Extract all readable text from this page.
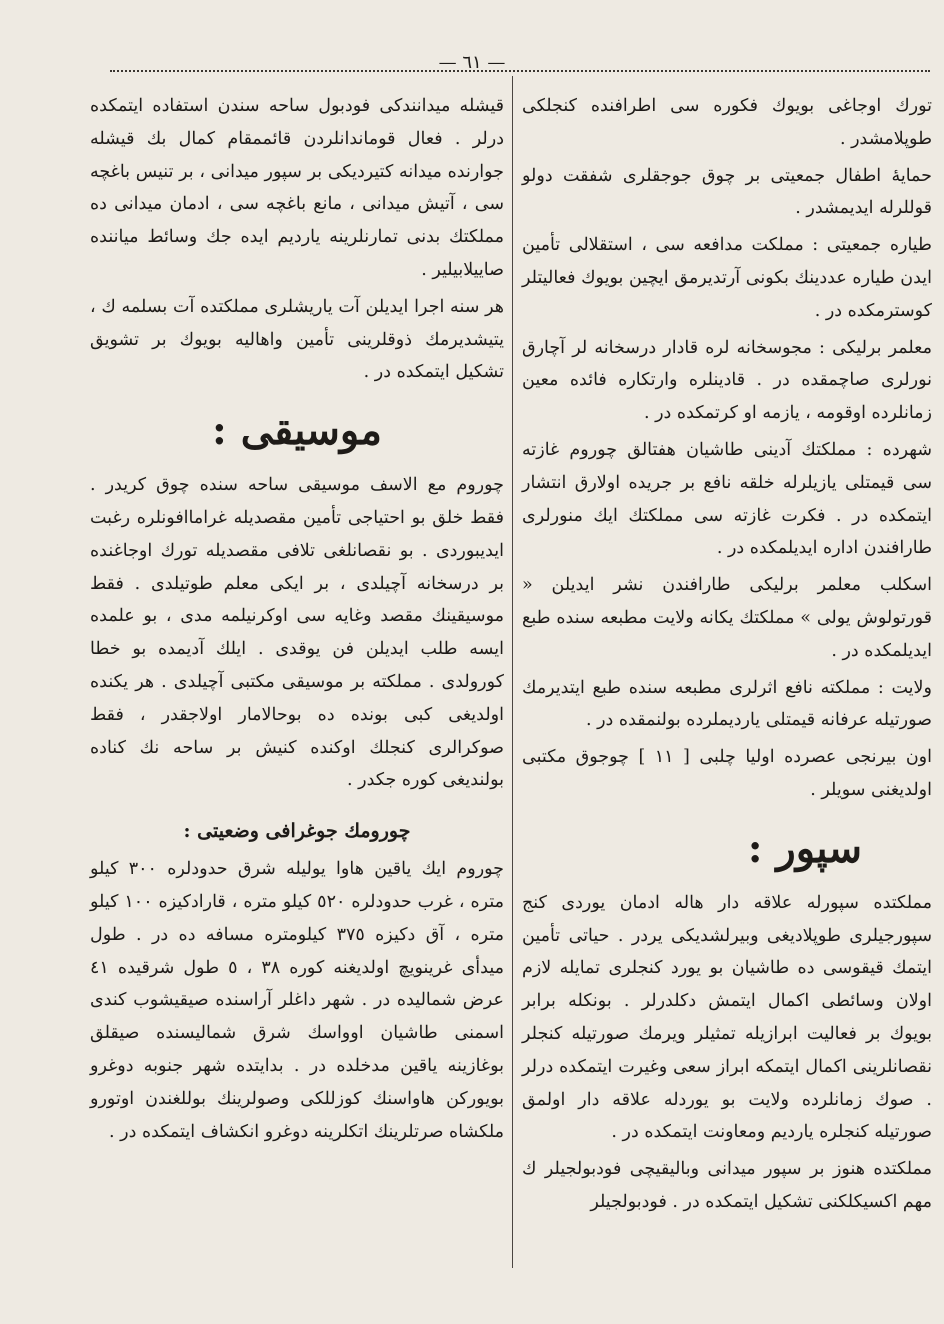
— ٦١ —

تورك اوجاغی بویوك فكوره سی اطرافنده كنجلكی طوپلامشدر .

حمایهٔ اطفال جمعیتی بر چوق جوجقلری شفقت دولو قوللرله ایدیمشدر .

طیاره جمعیتی : مملكت مدافعه سی ، استقلالی تأمین ایدن طیاره عددینك بكونی آرتدیرمق ایچین بویوك فعالیتلر كوسترمكده در .

معلمر برلیكی : مجوسخانه لره قادار درسخانه لر آچارق نورلری صاچمقده در . قادینلره وارتكاره فائده معین زمانلرده اوقومه ، یازمه او كرتمكده در .

شهرده : مملكتك آدینی طاشیان هفتالق چوروم غازته سی قیمتلی یازیلرله خلقه نافع بر جریده اولارق انتشار ایتمكده در . فكرت غازته سی مملكتك ایك منورلری طارافندن اداره ایدیلمكده در .

اسكلب معلمر برلیكی طارافندن نشر ایدیلن « قورتولوش یولی » مملكتك یكانه ولایت مطبعه سنده طبع ایدیلمكده در .

ولایت : مملكته نافع اثرلری مطبعه سنده طبع ایتدیرمك صورتیله عرفانه قیمتلی یاردیملرده بولنمقده در .

اون بیرنجی عصرده اولیا چلبی [ ١١ ] چوجوق مكتبی اولدیغنی سویلر .

سپور :

مملكتده سپورله علاقه دار هاله ادمان یوردی كنج سپورجیلری طوپلادیغی وبیرلشدیكی یردر . حیاتی تأمین ایتمك قیقوسی ده طاشیان بو یورد كنجلری تمایله لازم اولان وسائطی اكمال ایتمش دكلدرلر . بونكله برابر بویوك بر فعالیت ابرازیله تمثیلر ویرمك صورتیله كنجلر نقصانلرینی اكمال ایتمكه ابراز سعی وغیرت ایتمكده درلر . صوك زمانلرده ولایت بو یوردله علاقه دار اولمق صورتیله كنجلره یاردیم ومعاونت ایتمكده در .

مملكتده هنوز بر سپور میدانی وبالیقیچی فودبولجیلر ك مهم اكسیكلكنی تشكیل ایتمكده در . فودبولجیلر

قیشله میدانندكی فودبول ساحه سندن استفاده ایتمكده درلر . فعال قوماندانلردن قائممقام كمال بك قیشله جوارنده میدانه كتیردیكی بر سپور میدانی ، بر تنیس باغچه سی ، آتیش میدانی ، مانع باغچه سی ، ادمان میدانی ده مملكتك بدنی تمارنلرینه یاردیم ایده جك وسائط میاننده صاییلابیلیر .

هر سنه اجرا ایدیلن آت یاریشلری مملكتده آت بسلمه ك ، یتیشدیرمك ذوقلرینی تأمین واهالیه بویوك بر تشویق تشكیل ایتمكده در .

موسیقی :

چوروم مع الاسف موسیقی ساحه سنده چوق كریدر . فقط خلق بو احتیاجی تأمین مقصدیله غراماافونلره رغبت ایدیبوردی . بو نقصانلغی تلافی مقصدیله تورك اوجاغنده بر درسخانه آچیلدی ، بر ایكی معلم طوتیلدی . فقط موسیقینك مقصد وغایه سی اوكرنیلمه مدی ، بو علمده ایسه طلب ایدیلن فن یوقدی . ایلك آدیمده بو خطا كورولدی . مملكته بر موسیقی مكتبی آچیلدی . هر یكنده اولدیغی كبی بونده ده بوحالامار اولاجقدر ، فقط صوكرالری كنجلك اوكنده كنیش بر ساحه نك كناده بولندیغی كوره جكدر .

چورومك جوغرافی وضعیتی :

چوروم ایك یاقین هاوا یولیله شرق حدودلره ٣٠٠ كیلو متره ، غرب حدودلره ٥٢٠ كیلو متره ، قارادكیزه ١٠٠ كیلو متره ، آق دكیزه ٣٧٥ كیلومتره مسافه ده در . طول میدأی غرینویچ اولدیغنه كوره ٣٨ ، ٥ طول شرقیده ٤١ عرض شمالیده در . شهر داغلر آراسنده صیقیشوب كندی اسمنی طاشیان اوواسك شرق شمالیسنده صیقلق بوغازینه یاقین مدخلده در . بدایتده شهر جنوبه دوغرو بویوركن هاواسنك كوزللكی وصولرینك بوللغندن اوتورو ملكشاه صرتلرینك اتكلرینه دوغرو انكشاف ایتمكده در .
